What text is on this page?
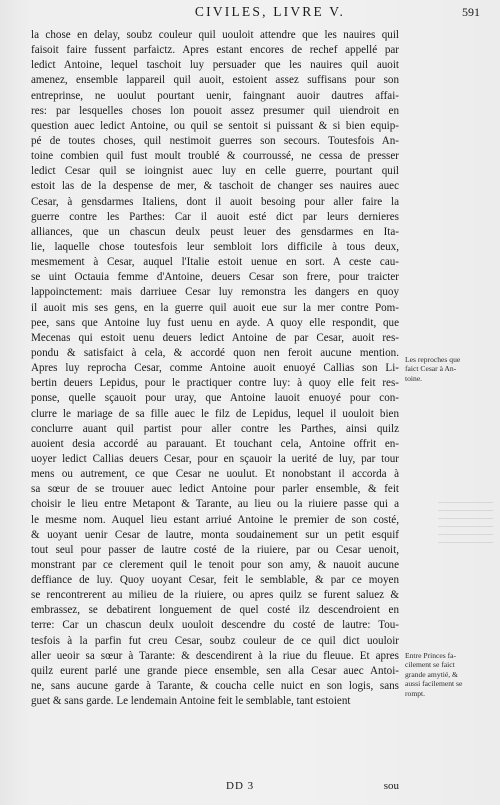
CIVILES, LIVRE V.	591
la chose en delay, soubz couleur quil uouloit attendre que les nauires quil
faisoit faire fussent parfaictz. Apres estant encores de rechef appellé par
ledict Antoine, lequel taschoit luy persuader que les nauires quil auoit
amenez, ensemble lappareil quil auoit, estoient assez suffisans pour son
entreprinse, ne uoulut pourtant uenir, faingnant auoir dautres affai-
res: par lesquelles choses lon pouoit assez presumer quil uiendroit en
question auec ledict Antoine, ou quil se sentoit si puissant & si bien equip-
pé de toutes choses, quil nestimoit guerres son secours. Toutesfois An-
toine combien quil fust moult troublé & courroussé, ne cessa de presser
ledict Cesar quil se ioingnist auec luy en celle guerre, pourtant quil
estoit las de la despense de mer, & taschoit de changer ses nauires auec
Cesar, à gensdarmes Italiens, dont il auoit besoing pour aller faire la
guerre contre les Parthes: Car il auoit esté dict par leurs dernieres
alliances, que un chascun deulx peust leuer des gensdarmes en Ita-
lie, laquelle chose toutesfois leur sembloit lors difficile à tous deux,
mesmement à Cesar, auquel l'Italie estoit uenue en sort. A ceste cau-
se uint Octauia femme d'Antoine, deuers Cesar son frere, pour traicter
lappoinctement: mais darriuee Cesar luy remonstra les dangers en quoy
il auoit mis ses gens, en la guerre quil auoit eue sur la mer contre Pom-
pee, sans que Antoine luy fust uenu en ayde. A quoy elle respondit, que
Mecenas qui estoit uenu deuers ledict Antoine de par Cesar, auoit res-
pondu & satisfaict à cela, & accordé quon nen feroit aucune mention.
Apres luy reprocha Cesar, comme Antoine auoit enuoyé Callias son Li-
bertin deuers Lepidus, pour le practiquer contre luy: à quoy elle feit res-
ponse, quelle sçauoit pour uray, que Antoine lauoit enuoyé pour con-
clurre le mariage de sa fille auec le filz de Lepidus, lequel il uouloit bien
conclurre auant quil partist pour aller contre les Parthes, ainsi quilz
auoient desia accordé au parauant. Et touchant cela, Antoine offrit en-
uoyer ledict Callias deuers Cesar, pour en sçauoir la uerité de luy, par tour
mens ou autrement, ce que Cesar ne uoulut. Et nonobstant il accorda à
sa sœur de se trouuer auec ledict Antoine pour parler ensemble, & feit
choisir le lieu entre Metapont & Tarante, au lieu ou la riuiere passe qui a
le mesme nom. Auquel lieu estant arriué Antoine le premier de son costé,
& uoyant uenir Cesar de lautre, monta soudainement sur un petit esquif
tout seul pour passer de lautre costé de la riuiere, par ou Cesar uenoit,
monstrant par ce clerement quil le tenoit pour son amy, & nauoit aucune
deffiance de luy. Quoy uoyant Cesar, feit le semblable, & par ce moyen
se rencontrerent au milieu de la riuiere, ou apres quilz se furent saluez &
embrassez, se debatirent longuement de quel costé ilz descendroient en
terre: Car un chascun deulx uouloit descendre du costé de lautre: Tou-
tesfois à la parfin fut creu Cesar, soubz couleur de ce quil dict uouloir
aller ueoir sa sœur à Tarante: & descendirent à la riue du fleuue. Et apres
quilz eurent parlé une grande piece ensemble, sen alla Cesar auec Antoi-
ne, sans aucune garde à Tarante, & coucha celle nuict en son logis, sans
guet & sans garde. Le lendemain Antoine feit le semblable, tant estoient
Les reproches que
faict Cesar à An-
toine.
Entre Princes fa-
cilement se faict
grande amytié, &
aussi facilement se
rompt.
DD 3	sou
